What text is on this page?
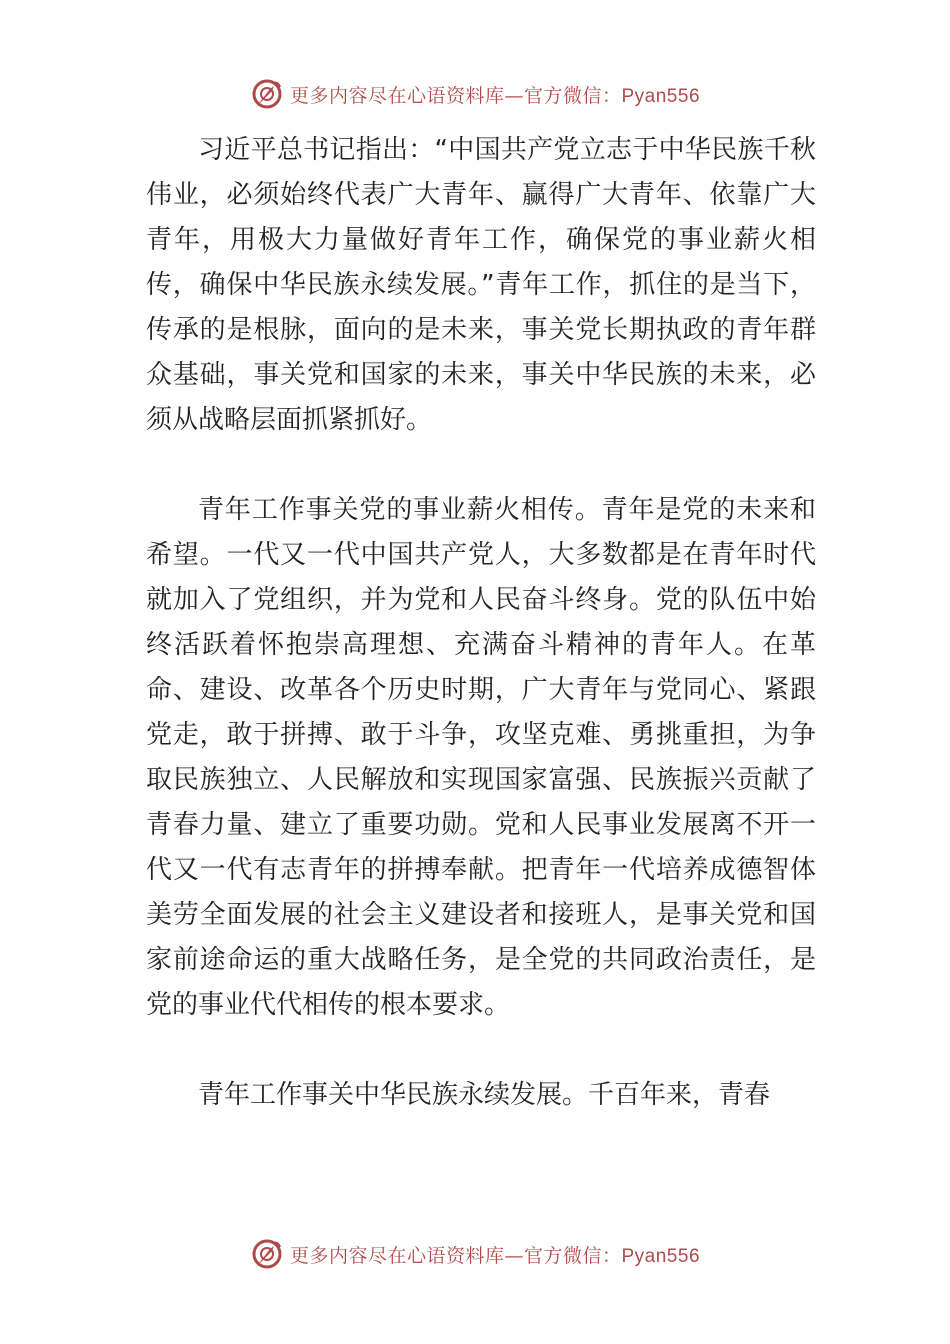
更多内容尽在心语资料库—官方微信：Pyan556

习近平总书记指出：“中国共产党立志于中华民族千秋伟业，必须始终代表广大青年、赢得广大青年、依靠广大青年，用极大力量做好青年工作，确保党的事业薪火相传，确保中华民族永续发展。”青年工作，抓住的是当下，传承的是根脉，面向的是未来，事关党长期执政的青年群众基础，事关党和国家的未来，事关中华民族的未来，必须从战略层面抓紧抓好。

青年工作事关党的事业薪火相传。青年是党的未来和希望。一代又一代中国共产党人，大多数都是在青年时代就加入了党组织，并为党和人民奋斗终身。党的队伍中始终活跃着怀抱崇高理想、充满奋斗精神的青年人。在革命、建设、改革各个历史时期，广大青年与党同心、紧跟党走，敢于拼搏、敢于斗争，攻坚克难、勇挑重担，为争取民族独立、人民解放和实现国家富强、民族振兴贡献了青春力量、建立了重要功勋。党和人民事业发展离不开一代又一代有志青年的拼搏奉献。把青年一代培养成德智体美劳全面发展的社会主义建设者和接班人，是事关党和国家前途命运的重大战略任务，是全党的共同政治责任，是党的事业代代相传的根本要求。

青年工作事关中华民族永续发展。千百年来，青春

更多内容尽在心语资料库—官方微信：Pyan556
